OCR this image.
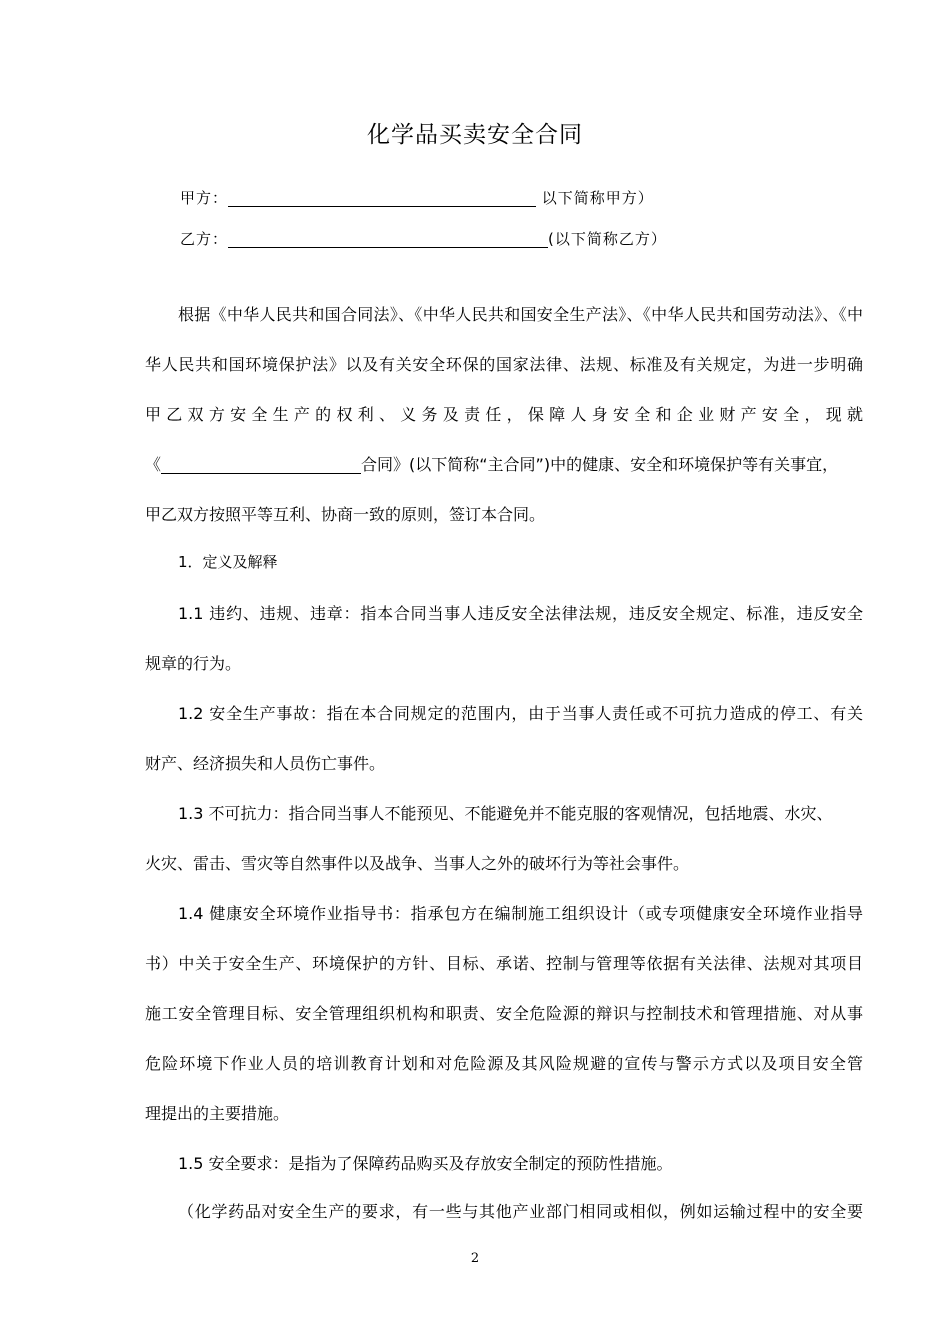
化学品买卖安全合同
甲方：	以下简称甲方）
乙方：	(以下简称乙方）
根据《中华人民共和国合同法》、《中华人民共和国安全生产法》、《中华人民共和国劳动法》、《中
华人民共和国环境保护法》以及有关安全环保的国家法律、法规、标准及有关规定，为进一步明确
甲乙双方安全生产的权利、义务及责任，保障人身安全和企业财产安全，现就
《	合同》(以下简称“主合同”)中的健康、安全和环境保护等有关事宜，
甲乙双方按照平等互利、协商一致的原则，签订本合同。
1．定义及解释
1.1 违约、违规、违章：指本合同当事人违反安全法律法规，违反安全规定、标准，违反安全
规章的行为。
1.2 安全生产事故：指在本合同规定的范围内，由于当事人责任或不可抗力造成的停工、有关
财产、经济损失和人员伤亡事件。
1.3 不可抗力：指合同当事人不能预见、不能避免并不能克服的客观情况，包括地震、水灾、
火灾、雷击、雪灾等自然事件以及战争、当事人之外的破坏行为等社会事件。
1.4 健康安全环境作业指导书：指承包方在编制施工组织设计（或专项健康安全环境作业指导
书）中关于安全生产、环境保护的方针、目标、承诺、控制与管理等依据有关法律、法规对其项目
施工安全管理目标、安全管理组织机构和职责、安全危险源的辩识与控制技术和管理措施、对从事
危险环境下作业人员的培训教育计划和对危险源及其风险规避的宣传与警示方式以及项目安全管
理提出的主要措施。
1.5 安全要求：是指为了保障药品购买及存放安全制定的预防性措施。
（化学药品对安全生产的要求，有一些与其他产业部门相同或相似，例如运输过程中的安全要
2
